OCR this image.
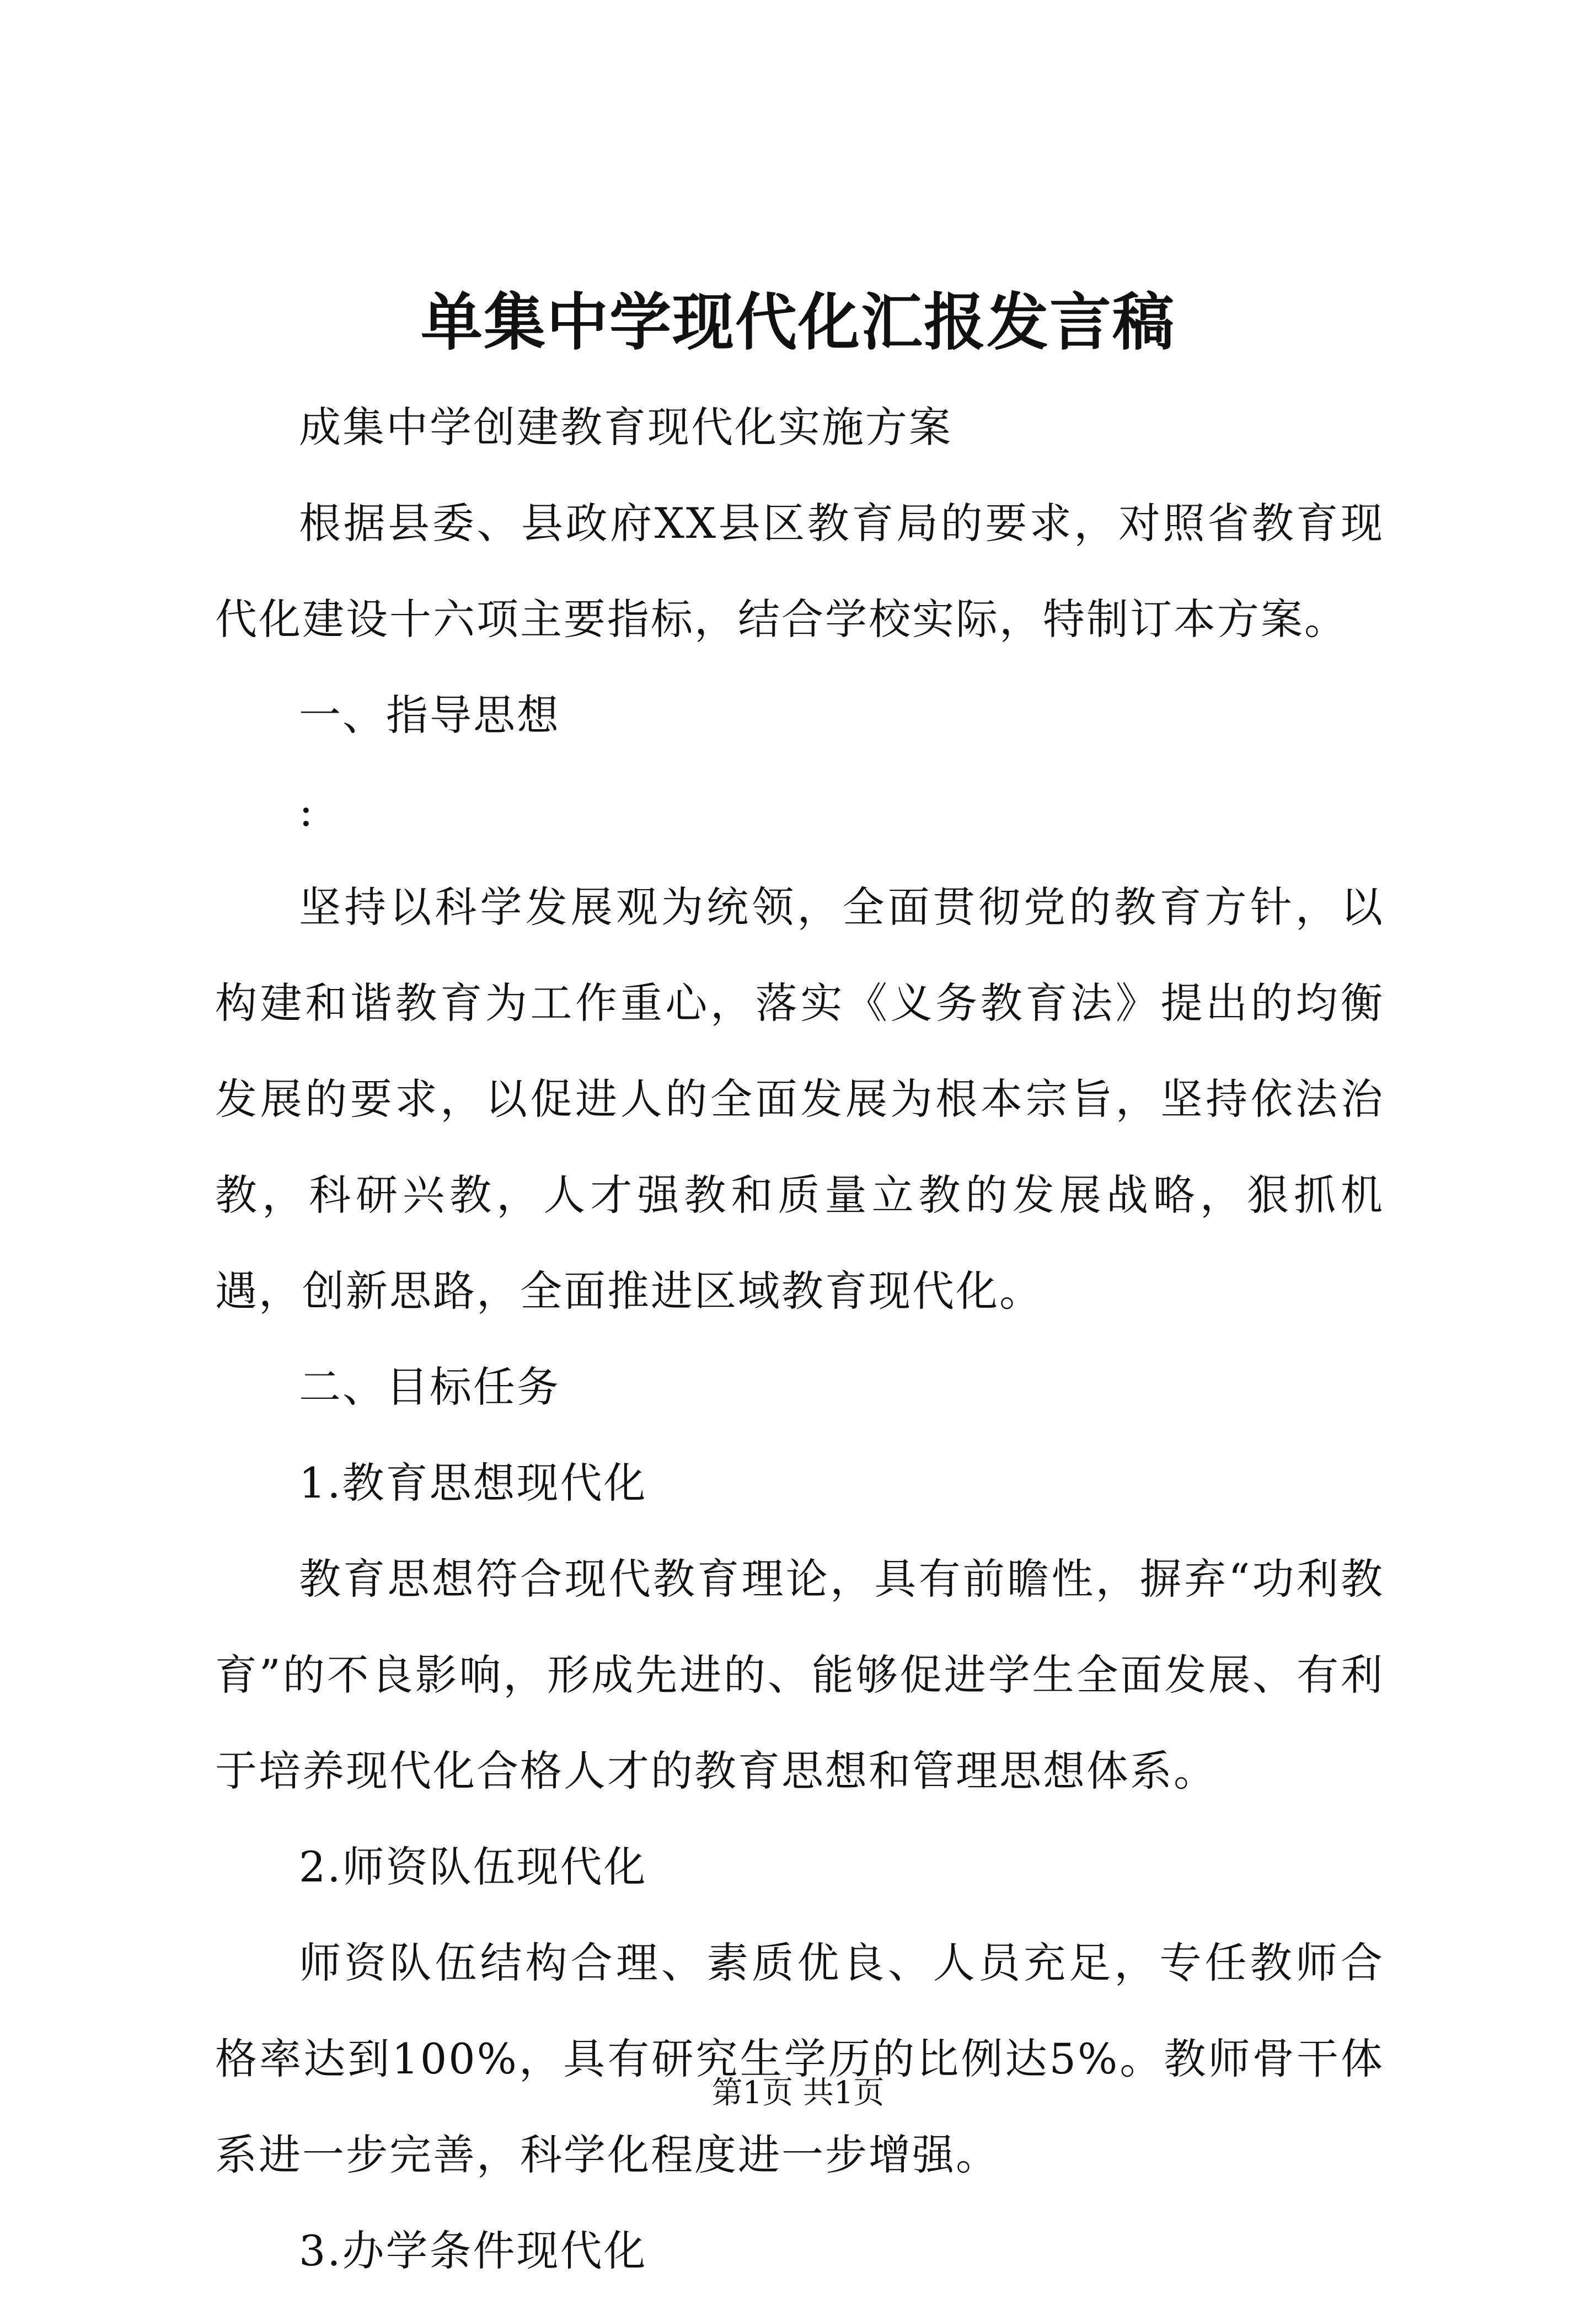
单集中学现代化汇报发言稿

成集中学创建教育现代化实施方案

根据县委、县政府XX县区教育局的要求，对照省教育现代化建设十六项主要指标，结合学校实际，特制订本方案。

一、指导思想

:

坚持以科学发展观为统领，全面贯彻党的教育方针，以构建和谐教育为工作重心，落实《义务教育法》提出的均衡发展的要求，以促进人的全面发展为根本宗旨，坚持依法治教，科研兴教，人才强教和质量立教的发展战略，狠抓机遇，创新思路，全面推进区域教育现代化。

二、目标任务

1.教育思想现代化

教育思想符合现代教育理论，具有前瞻性，摒弃“功利教育”的不良影响，形成先进的、能够促进学生全面发展、有利于培养现代化合格人才的教育思想和管理思想体系。

2.师资队伍现代化

师资队伍结构合理、素质优良、人员充足，专任教师合格率达到100%，具有研究生学历的比例达5%。教师骨干体系进一步完善，科学化程度进一步增强。

3.办学条件现代化

第1页 共1页
